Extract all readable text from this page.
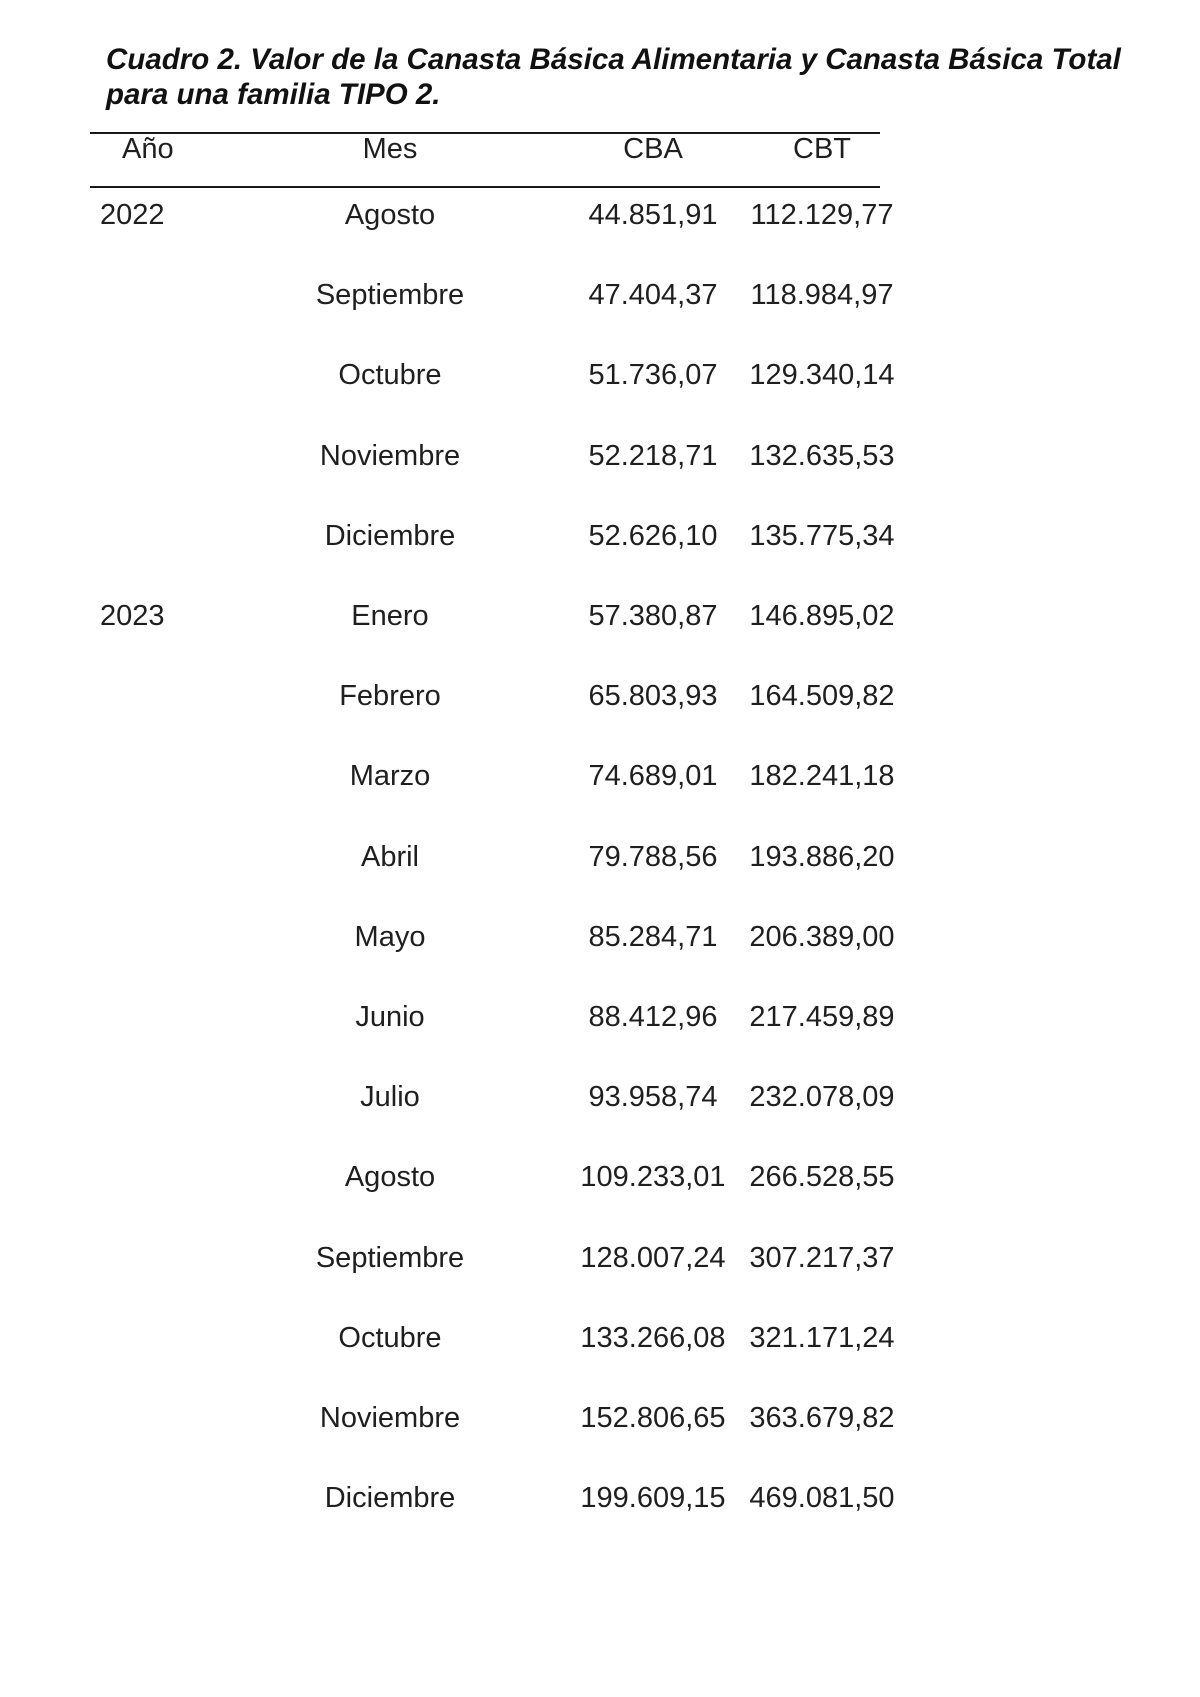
Cuadro 2. Valor de la Canasta Básica Alimentaria y Canasta Básica Total
para una familia TIPO 2.
Año	Mes	CBA	CBT
2022	Agosto	44.851,91	112.129,77
Septiembre	47.404,37	118.984,97
Octubre	51.736,07	129.340,14
Noviembre	52.218,71	132.635,53
Diciembre	52.626,10	135.775,34
2023	Enero	57.380,87	146.895,02
Febrero	65.803,93	164.509,82
Marzo	74.689,01	182.241,18
Abril	79.788,56	193.886,20
Mayo	85.284,71	206.389,00
Junio	88.412,96	217.459,89
Julio	93.958,74	232.078,09
Agosto	109.233,01 266.528,55
Septiembre	128.007,24 307.217,37
Octubre	133.266,08 321.171,24
Noviembre	152.806,65 363.679,82
Diciembre	199.609,15 469.081,50
